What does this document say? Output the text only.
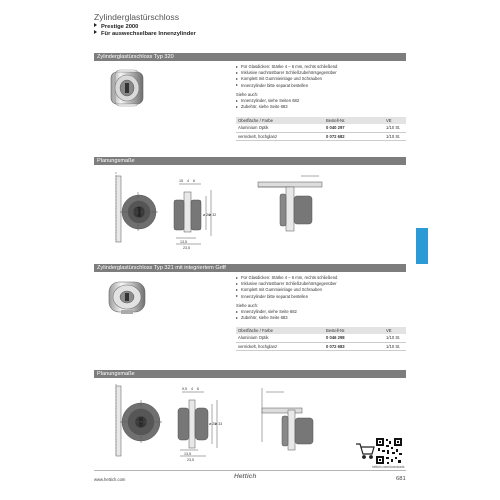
Zylinderglastürschloss
Prestige 2000
Für auswechselbare Innenzylinder
Zylinderglastürschloss Typ 320
Für Glasdicken: Stärke 4 – 6 mm, rechts schließend
Inklusive nachrüstbarer Schließzubehörsgegenüber
Komplett mit Gummieinlage und Schrauben
Innenzylinder bitte separat bestellen
Siehe auch:
Innenzylinder, siehe Seiten 682
Zubehör, siehe Seite 683
Oberfläche / Farbe	Bestell-Nr.	VE
Aluminium Optik	0 040 297	1/10 St.
vernickelt, hochglanz	0 072 682	1/10 St.
Planungsmaße
15 4 6
ø 26
ø 32
13,5
23,5
Zylinderglastürschloss Typ 321 mit integriertem Griff
Für Glasdicken: Stärke 4 – 6 mm, rechts schließend
Inklusive nachrüstbarer Schließzubehörsgegenüber
Komplett mit Gummieinlage und Schrauben
Innenzylinder bitte separat bestellen
Siehe auch:
Innenzylinder, siehe Seite 682
Zubehör, siehe Seite 683
Oberfläche / Farbe	Bestell-Nr.	VE
Aluminium Optik	0 046 298	1/10 St.
vernickelt, hochglanz	0 072 683	1/10 St.
Planungsmaße
9,5 4 6
ø 25
ø 33
13,5
23,5
hettich.com/downloads
www.hettich.com	Hettich	681
